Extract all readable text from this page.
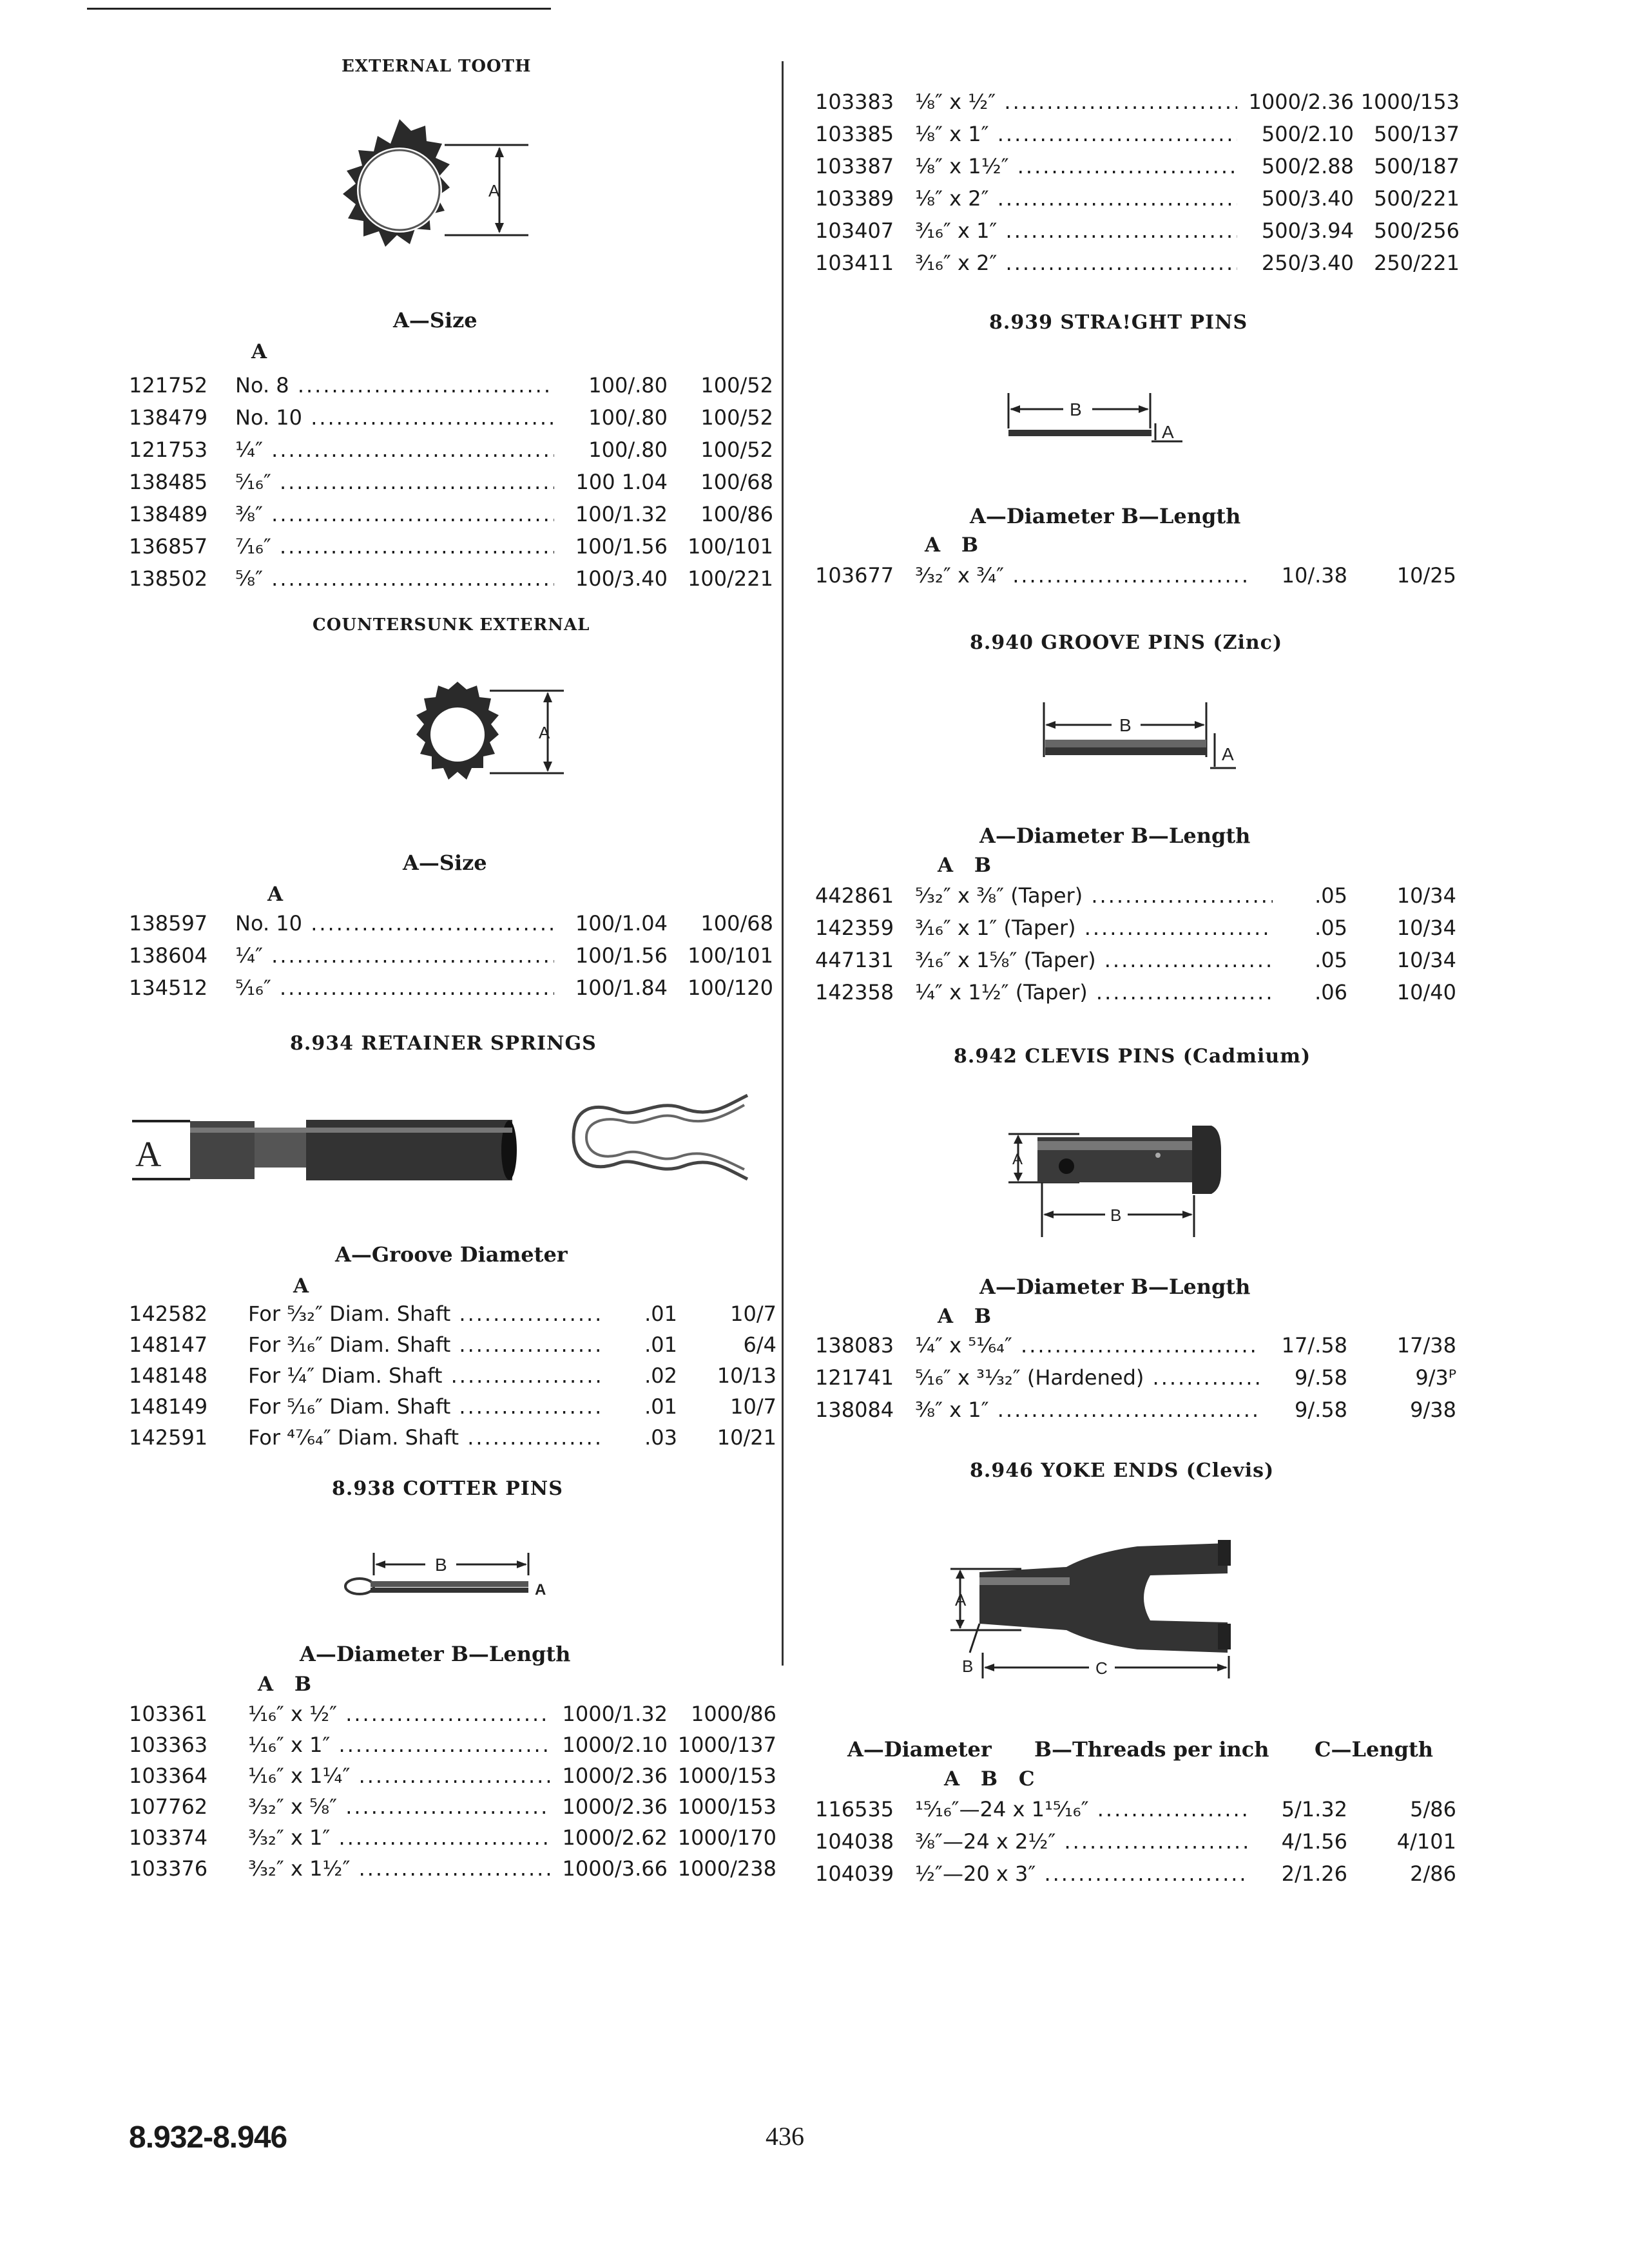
EXTERNAL TOOTH
A
A—Size
A
121752 No. 8 .....	100/.80	100/52
138479 No. 10 .....	100/.80	100/52
121753 ¼″ .....	100/.80	100/52
138485 ⁵⁄₁₆″ .....	100 1.04	100/68
138489 ⅜″ .....	100/1.32	100/86
136857 ⁷⁄₁₆″ .....	100/1.56 100/101
138502 ⅝″ .....	100/3.40 100/221
COUNTERSUNK EXTERNAL
A
A—Size
A
138597 No. 10 .....	100/1.04	100/68
138604 ¼″ .....	100/1.56 100/101
134512 ⁵⁄₁₆″ .....	100/1.84 100/120
8.934 RETAINER SPRINGS
A
A—Groove Diameter
A
142582 For ⁵⁄₃₂″ Diam. Shaft .....	.01	10/7
148147 For ³⁄₁₆″ Diam. Shaft .....	.01	6/4
148148 For ¼″ Diam. Shaft .....	.02	10/13
148149 For ⁵⁄₁₆″ Diam. Shaft .....	.01	10/7
142591 For ⁴⁷⁄₆₄″ Diam. Shaft .....	.03	10/21
8.938 COTTER PINS
B
A
A—Diameter B—Length
A B
103361 ¹⁄₁₆″ x ½″ .....	1000/1.32	1000/86
103363 ¹⁄₁₆″ x 1″ .....	1000/2.10 1000/137
103364 ¹⁄₁₆″ x 1¼″ .....	1000/2.36 1000/153
107762 ³⁄₃₂″ x ⅝″ .....	1000/2.36 1000/153
103374 ³⁄₃₂″ x 1″ .....	1000/2.62 1000/170
103376 ³⁄₃₂″ x 1½″ .....	1000/3.66 1000/238
103383 ⅛″ x ½″ .....	1000/2.36 1000/153
103385 ⅛″ x 1″ .....	500/2.10 500/137
103387 ⅛″ x 1½″ .....	500/2.88 500/187
103389 ⅛″ x 2″ .....	500/3.40 500/221
103407 ³⁄₁₆″ x 1″ .....	500/3.94 500/256
103411 ³⁄₁₆″ x 2″ .....	250/3.40 250/221
8.939 STRA!GHT PINS
B
A
A—Diameter B—Length
A B
103677 ³⁄₃₂″ x ¾″ .....	10/.38	10/25
8.940 GROOVE PINS (Zinc)
B
A
A—Diameter B—Length
A B
442861 ⁵⁄₃₂″ x ⅜″ (Taper) .....	.05	10/34
142359 ³⁄₁₆″ x 1″ (Taper) .....	.05	10/34
447131 ³⁄₁₆″ x 1⅝″ (Taper) .....	.05	10/34
142358 ¼″ x 1½″ (Taper) .....	.06	10/40
8.942 CLEVIS PINS (Cadmium)
A
B
A—Diameter B—Length
A B
138083 ¼″ x ⁵¹⁄₆₄″ .....	17/.58	17/38
121741 ⁵⁄₁₆″ x ³¹⁄₃₂″ (Hardened) .....	9/.58	9/3ᴾ
138084 ⅜″ x 1″ .....	9/.58	9/38
8.946 YOKE ENDS (Clevis)
A
B	C
A—Diameter B—Threads per inch C—Length
A B C
116535 ¹⁵⁄₁₆″—24 x 1¹⁵⁄₁₆″ .....	5/1.32	5/86
104038 ⅜″—24 x 2½″ .....	4/1.56	4/101
104039 ½″—20 x 3″ .....	2/1.26	2/86
8.932-8.946	436
